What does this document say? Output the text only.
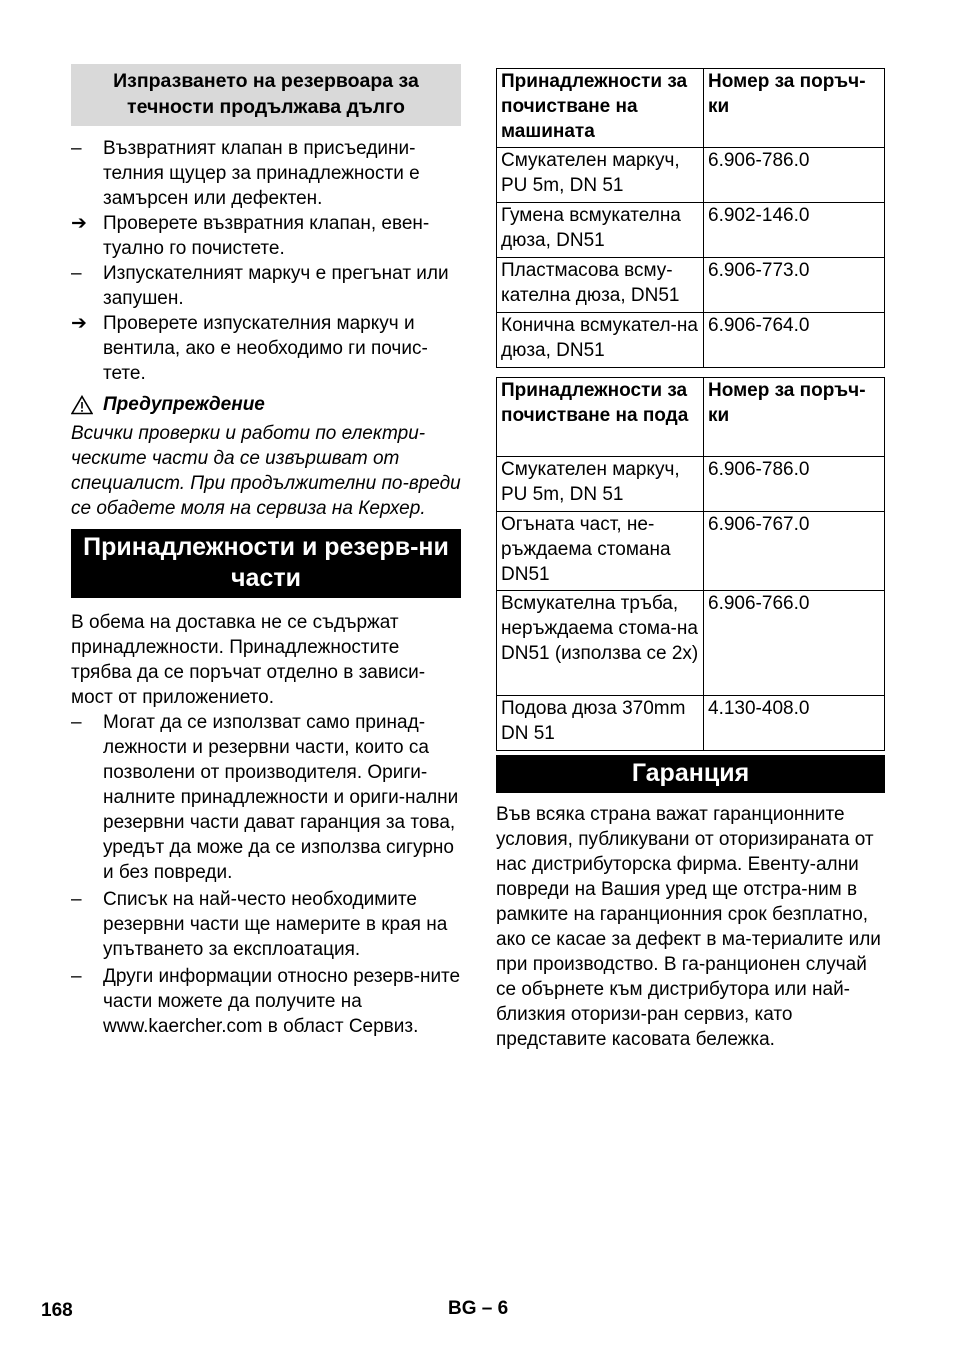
Изпразването на резервоара за течности продължава дълго
–	Възвратният клапан в присъедини-телния щуцер за принадлежности е замърсен или дефектен.
➔ Проверете възвратния клапан, евен-туално го почистете.
–	Изпускателният маркуч е прегънат или запушен.
➔ Проверете изпускателния маркуч и вентила, ако е необходимо ги почис-тете.
Предупреждение
Всички проверки и работи по електри-ческите части да се извършват от специалист. При продължителни по-вреди се обадете моля на сервиза на Керхер.
Принадлежности и резерв-ни части
В обема на доставка не се съдържат принадлежности. Принадлежностите трябва да се поръчат отделно в зависи-мост от приложението.
–	Могат да се използват само принад-лежности и резервни части, които са позволени от производителя. Ориги-налните принадлежности и ориги-нални резервни части дават гаранция за това, уредът да може да се използва сигурно и без повреди.
–	Списък на най-често необходимите резервни части ще намерите в края на упътването за експлоатация.
–	Други информации относно резерв-ните части можете да получите на www.kaercher.com в област Сервиз.
Принадлежности за почистване на машината	Номер за поръч-ки
Смукателен маркуч, PU 5m, DN 51	6.906-786.0
Гумена всмукателна дюза, DN51	6.902-146.0
Пластмасова всму-кателна дюза, DN51	6.906-773.0
Конична всмукател-на дюза, DN51	6.906-764.0
Принадлежности за почистване на пода	Номер за поръч-ки
Смукателен маркуч, PU 5m, DN 51	6.906-786.0
Огънатa част, не-ръждаема стомана DN51	6.906-767.0
Всмукателна тръба, неръждаема стома-на DN51 (използва се 2x)	6.906-766.0
Подова дюза 370mm DN 51	4.130-408.0
Гаранция
Във всяка страна важат гаранционните условия, публикувани от оторизираната от нас дистрибуторска фирма. Евенту-ални повреди на Вашия уред ще отстра-ним в рамките на гаранционния срок безплатно, ако се касае за дефект в ма-териалите или при производство. В га-ранционен случай се обърнете към дистрибутора или най-близкия оторизи-ран сервиз, като представите касовата бележка.
168	BG – 6
